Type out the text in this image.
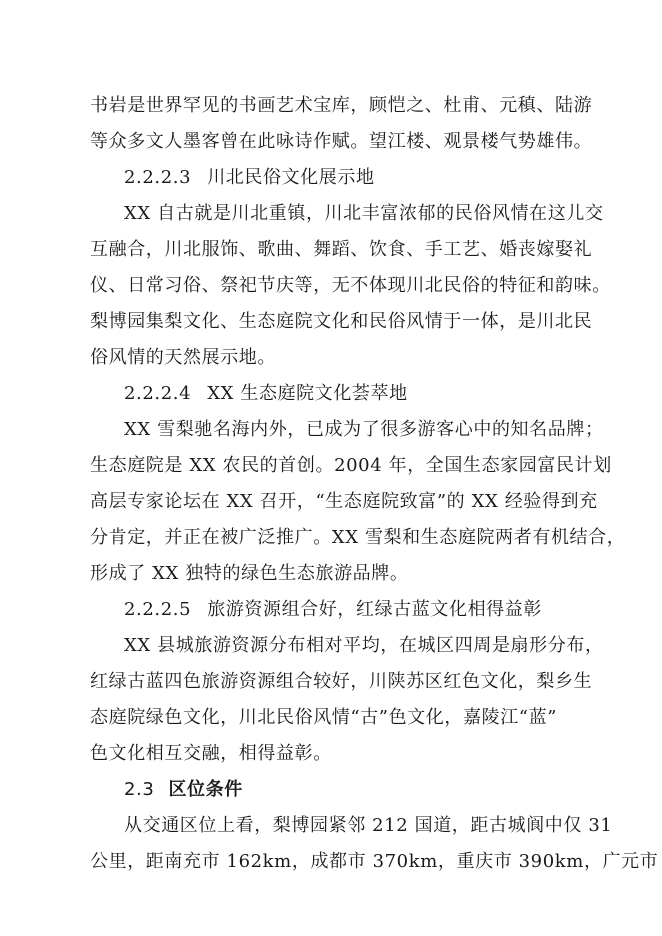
书岩是世界罕见的书画艺术宝库，顾恺之、杜甫、元稹、陆游
等众多文人墨客曾在此咏诗作赋。望江楼、观景楼气势雄伟。
2.2.2.3 川北民俗文化展示地
XX 自古就是川北重镇，川北丰富浓郁的民俗风情在这儿交
互融合，川北服饰、歌曲、舞蹈、饮食、手工艺、婚丧嫁娶礼
仪、日常习俗、祭祀节庆等，无不体现川北民俗的特征和韵味。
梨博园集梨文化、生态庭院文化和民俗风情于一体，是川北民
俗风情的天然展示地。
2.2.2.4 XX 生态庭院文化荟萃地
XX 雪梨驰名海内外，已成为了很多游客心中的知名品牌；
生态庭院是 XX 农民的首创。2004 年，全国生态家园富民计划
高层专家论坛在 XX 召开，“生态庭院致富”的 XX 经验得到充
分肯定，并正在被广泛推广。XX 雪梨和生态庭院两者有机结合，
形成了 XX 独特的绿色生态旅游品牌。
2.2.2.5 旅游资源组合好，红绿古蓝文化相得益彰
XX 县城旅游资源分布相对平均，在城区四周是扇形分布，
红绿古蓝四色旅游资源组合较好，川陕苏区红色文化，梨乡生
态庭院绿色文化，川北民俗风情“古”色文化，嘉陵江“蓝”
色文化相互交融，相得益彰。
2.3 区位条件
从交通区位上看，梨博园紧邻 212 国道，距古城阆中仅 31
公里，距南充市 162km，成都市 370km，重庆市 390km，广元市
